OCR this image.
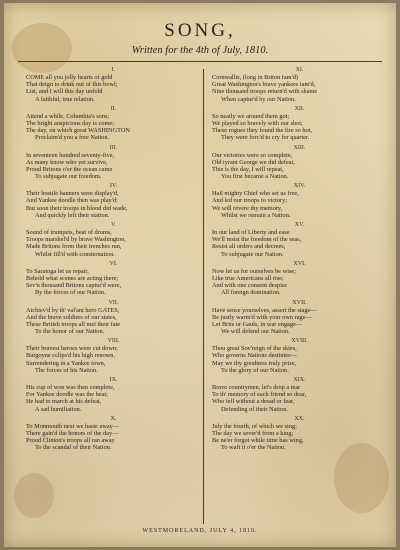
SONG,
Written for the 4th of July, 1810.
I.
COME all you jolly hearts of gold
That deign to drink out of this bowl;
List, and I will this day unfold
A faithful, true relation.
II.
Attend a while, Columbia's sons;
The bright auspicious day is come;
The day, on which great WASHINGTON
Proclaim'd you a free Nation.
III.
In seventeen hundred seventy-five,
As many know who yet survive,
Proud Britons o'er the ocean came
To subjugate our freedom.
IV.
Their hostile banners were display'd,
And Yankee doodle then was play'd;
But soon their troops in blood did wade,
And quickly left their station.
V.
Sound of trumpets, beat of drums,
Troops marshel'd by brave Washington,
Made Britons from their trenches run,
Whilst fill'd with consternation.
VI.
To Saratoga let us repair,
Behold what scenes are acting there;
Sev'n thousand Britons captur'd were,
By the forces of our Nation.
VII.
Atchiev'd by th' val'ant hero GATES,
And the brave soldiers of our states,
These British troops all met their fate
To the honor of our Nation.
VIII.
Their bravest heroes were cut down;
Burgoyne cclips'd his high renown,
Surrendering in a Yankee town,
The forces of his Nation.
IX.
His cup of woe was then complete,
For Yankee doodle was the beat;
He had to march at his defeat,
A sad humiliation.
X.
To Monmouth next we haste away—
There gain'd the honors of the day—
Proud Clinton's troops all ran away
To the scandal of their Nation.
XI.
Cornwallis, (long in Briton fam'd)
Great Washington's brave yankees tam'd,
Nine thousand troops return'd with shame
When captur'd by our Nation.
XII.
So neatly we around them got;
We played so bravely with our shot;
These rogues they found the fire so hot,
They were forc'd to cry for quarter.
XIII.
Our victories were so complete,
Old tyrant George we did defeat,
This is the day, I will repeat,
You first became a Nation.
XIV.
Hail mighty Chief who set us free,
And led our troops to victory;
We will revere thy memory,
Whilst we remain a Nation.
XV.
In our land of Liberty and ease
We'll resist the freedom of the seas,
Resist all orders and decrees,
To subjugate our Nation.
XVI.
Now let us for ourselves be wise;
Like true Americans all rise;
And with one consent despise
All foreign domination.
XVII.
Have sense yourselves, assert the stage—
Be justly warm'd with your own rage—
Let Brits or Gauls, in war engage—
We will defend our Nation.
XVIII.
Thou great Sov'reign of the skies,
Who governs Nations destinies—
May we thy goodness truly prize,
To the glory of our Nation.
XIX.
Brave countrymen, let's drop a tear
To th' memory of each friend so dear,
Who fell without a dread or fear,
Defending of their Nation.
XX.
July the fourth, of which we sing;
The day we sever'd from a king;
Be ne'er forgot while time has wing,
To waft it o'er the Nation.
WESTMORELAND, JULY 4, 1810.
